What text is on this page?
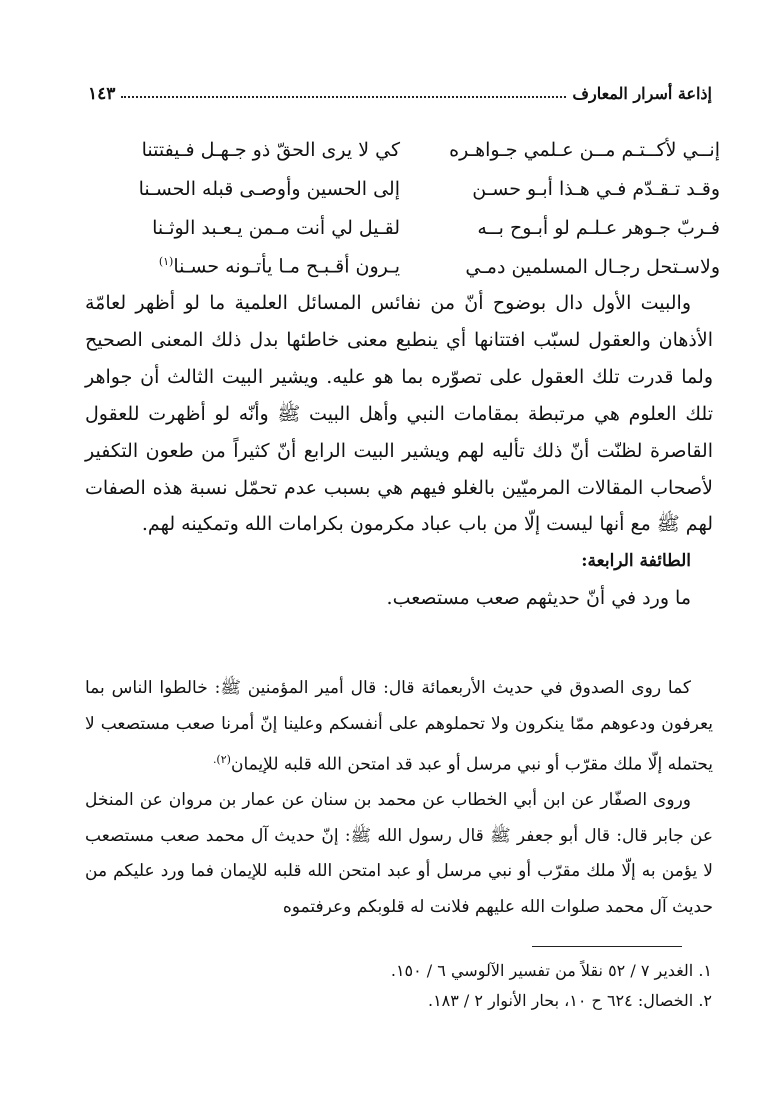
إذاعة أسرار المعارف
١٤٣
إنــي لأكــتـم مــن عـلمي جـواهـره
كي لا يرى الحقّ ذو جـهـل فـيفتتنا
وقـد تـقـدّم فـي هـذا أبـو حسـن
إلى الحسين وأوصـى قبله الحسـنا
فـربّ جـوهر عـلـم لو أبـوح بــه
لقـيل لي أنت مـمن يـعـبد الوثـنا
ولاسـتحل رجـال المسلمين دمـي
يـرون أقـبـح مـا يأتـونه حسـنا$^{(١)}$

والبيت الأول دال بوضوح أنّ من نفائس المسائل العلمية ما لو أظهر لعامّة الأذهان والعقول لسبّب افتتانها أي ينطبع معنى خاطئها بدل ذلك المعنى الصحيح ولما قدرت تلك العقول على تصوّره بما هو عليه. ويشير البيت الثالث أن جواهر تلك العلوم هي مرتبطة بمقامات النبي وأهل البيت ﷺ وأنّه لو أظهرت للعقول القاصرة لظنّت أنّ ذلك تأليه لهم ويشير البيت الرابع أنّ كثيراً من طعون التكفير لأصحاب المقالات المرميّين بالغلو فيهم هي بسبب عدم تحمّل نسبة هذه الصفات لهم ﷺ مع أنها ليست إلّا من باب عباد مكرمون بكرامات الله وتمكينه لهم.

الطائفة الرابعة:

ما ورد في أنّ حديثهم صعب مستصعب.

كما روى الصدوق في حديث الأربعمائة قال: قال أمير المؤمنين ﷺ: خالطوا الناس بما يعرفون ودعوهم ممّا ينكرون ولا تحملوهم على أنفسكم وعلينا إنّ أمرنا صعب مستصعب لا يحتمله إلّا ملك مقرّب أو نبي مرسل أو عبد قد امتحن الله قلبه للإيمان$^{(٢).}$

وروى الصفّار عن ابن أبي الخطاب عن محمد بن سنان عن عمار بن مروان عن المنخل عن جابر قال: قال أبو جعفر ﷺ قال رسول الله ﷺ: إنّ حديث آل محمد صعب مستصعب لا يؤمن به إلّا ملك مقرّب أو نبي مرسل أو عبد امتحن الله قلبه للإيمان فما ورد عليكم من حديث آل محمد صلوات الله عليهم فلانت له قلوبكم وعرفتموه

١. الغدير ٧ / ٥٢ نقلاً من تفسير الآلوسي ٦ / ١٥٠.

٢. الخصال: ٦٢٤ ح ١٠، بحار الأنوار ٢ / ١٨٣.
